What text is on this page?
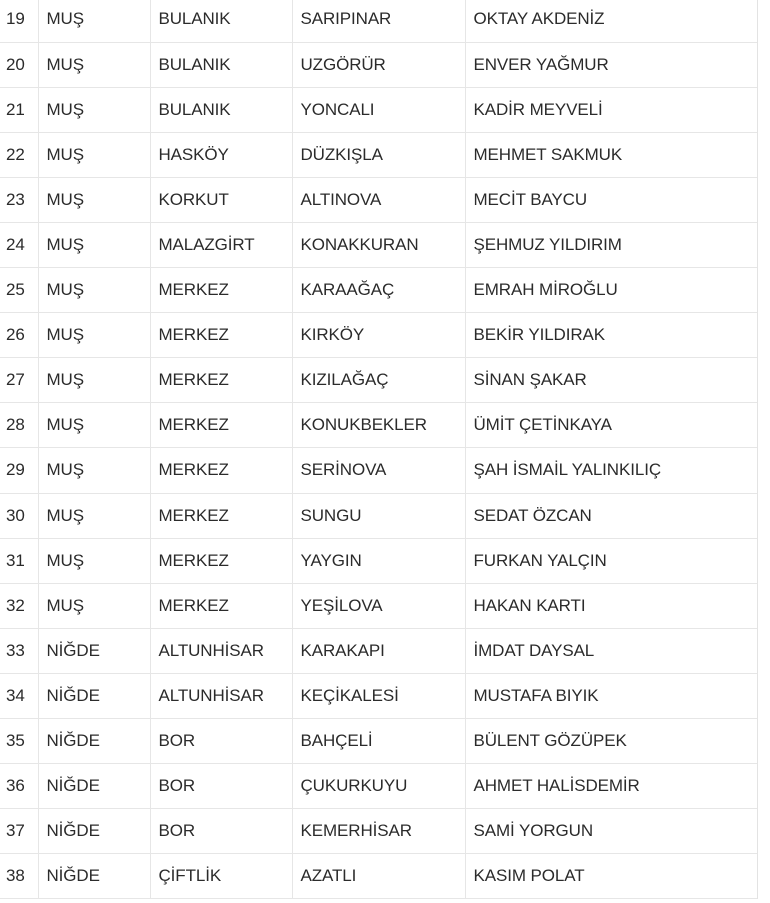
19	MUŞ	BULANIK	SARIPINAR	OKTAY AKDENİZ
20	MUŞ	BULANIK	UZGÖRÜR	ENVER YAĞMUR
21	MUŞ	BULANIK	YONCALI	KADİR MEYVELİ
22	MUŞ	HASKÖY	DÜZKIŞLA	MEHMET SAKMUK
23	MUŞ	KORKUT	ALTINOVA	MECİT BAYCU
24	MUŞ	MALAZGİRT	KONAKKURAN	ŞEHMUZ YILDIRIM
25	MUŞ	MERKEZ	KARAAĞAÇ	EMRAH MİROĞLU
26	MUŞ	MERKEZ	KIRKÖY	BEKİR YILDIRAK
27	MUŞ	MERKEZ	KIZILAĞAÇ	SİNAN ŞAKAR
28	MUŞ	MERKEZ	KONUKBEKLER	ÜMİT ÇETİNKAYA
29	MUŞ	MERKEZ	SERİNOVA	ŞAH İSMAİL YALINKILIÇ
30	MUŞ	MERKEZ	SUNGU	SEDAT ÖZCAN
31	MUŞ	MERKEZ	YAYGIN	FURKAN YALÇIN
32	MUŞ	MERKEZ	YEŞİLOVA	HAKAN KARTI
33	NİĞDE	ALTUNHİSAR	KARAKAPI	İMDAT DAYSAL
34	NİĞDE	ALTUNHİSAR	KEÇİKALESİ	MUSTAFA BIYIK
35	NİĞDE	BOR	BAHÇELİ	BÜLENT GÖZÜPEK
36	NİĞDE	BOR	ÇUKURKUYU	AHMET HALİSDEMİR
37	NİĞDE	BOR	KEMERHİSAR	SAMİ YORGUN
38	NİĞDE	ÇİFTLİK	AZATLI	KASIM POLAT
